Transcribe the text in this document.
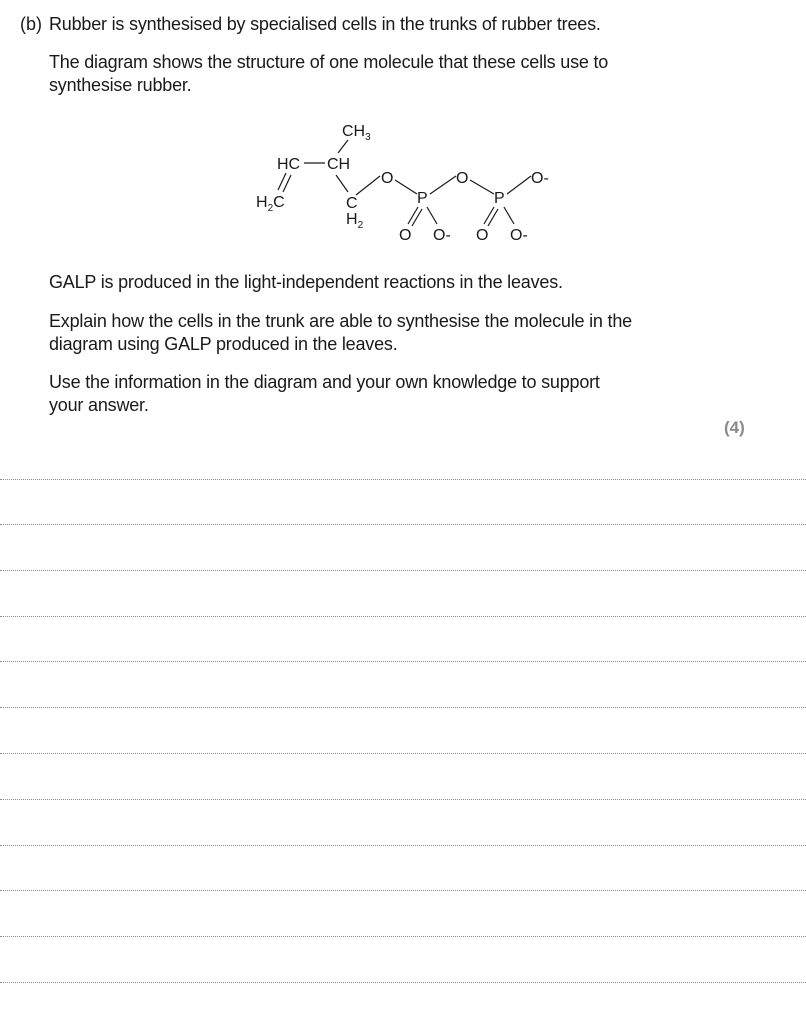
(b) Rubber is synthesised by specialised cells in the trunks of rubber trees.
The diagram shows the structure of one molecule that these cells use to
synthesise rubber.
$CH_3$
HC CH
$H_2C$	C
$H_2$
O
P
O
O O-
P
O-
O O-
GALP is produced in the light-independent reactions in the leaves.
Explain how the cells in the trunk are able to synthesise the molecule in the
diagram using GALP produced in the leaves.
Use the information in the diagram and your own knowledge to support
your answer.
(4)
